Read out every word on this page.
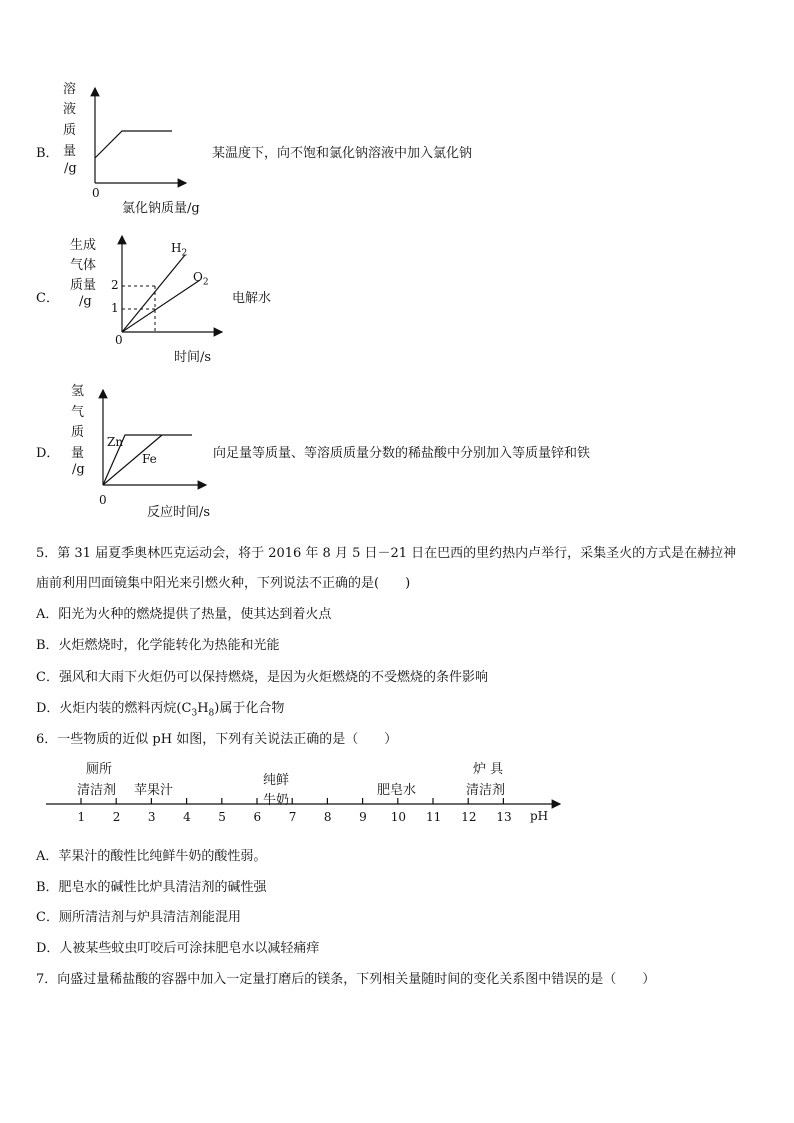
B．
溶
液
质
量
/g
0
氯化钠质量/g
某温度下，向不饱和氯化钠溶液中加入氯化钠
C．
生成
气体
质量
/g
2
1
0
$H_2$
$O_2$
时间/s
电解水
D．
氢
气
质
量
/g
Zn
Fe
0
反应时间/s
向足量等质量、等溶质质量分数的稀盐酸中分别加入等质量锌和铁
5．第 31 届夏季奥林匹克运动会，将于 2016 年 8 月 5 日－21 日在巴西的里约热内卢举行，采集圣火的方式是在赫拉神
庙前利用凹面镜集中阳光来引燃火种，下列说法不正确的是(　　)
A．阳光为火种的燃烧提供了热量，使其达到着火点
B．火炬燃烧时，化学能转化为热能和光能
C．强风和大雨下火炬仍可以保持燃烧，是因为火炬燃烧的不受燃烧的条件影响
D．火炬内装的燃料丙烷$(C_3H_8)$属于化合物
6．一些物质的近似 pH 如图，下列有关说法正确的是（　　）
厕所
清洁剂 苹果汁
纯鲜
牛奶
肥皂水
炉 具
清洁剂
1 2 3 4 5 6 7 8 9 10 11 12 13 pH
A．苹果汁的酸性比纯鲜牛奶的酸性弱。
B．肥皂水的碱性比炉具清洁剂的碱性强
C．厕所清洁剂与炉具清洁剂能混用
D．人被某些蚊虫叮咬后可涂抹肥皂水以减轻痛痒
7．向盛过量稀盐酸的容器中加入一定量打磨后的镁条，下列相关量随时间的变化关系图中错误的是（　　）
